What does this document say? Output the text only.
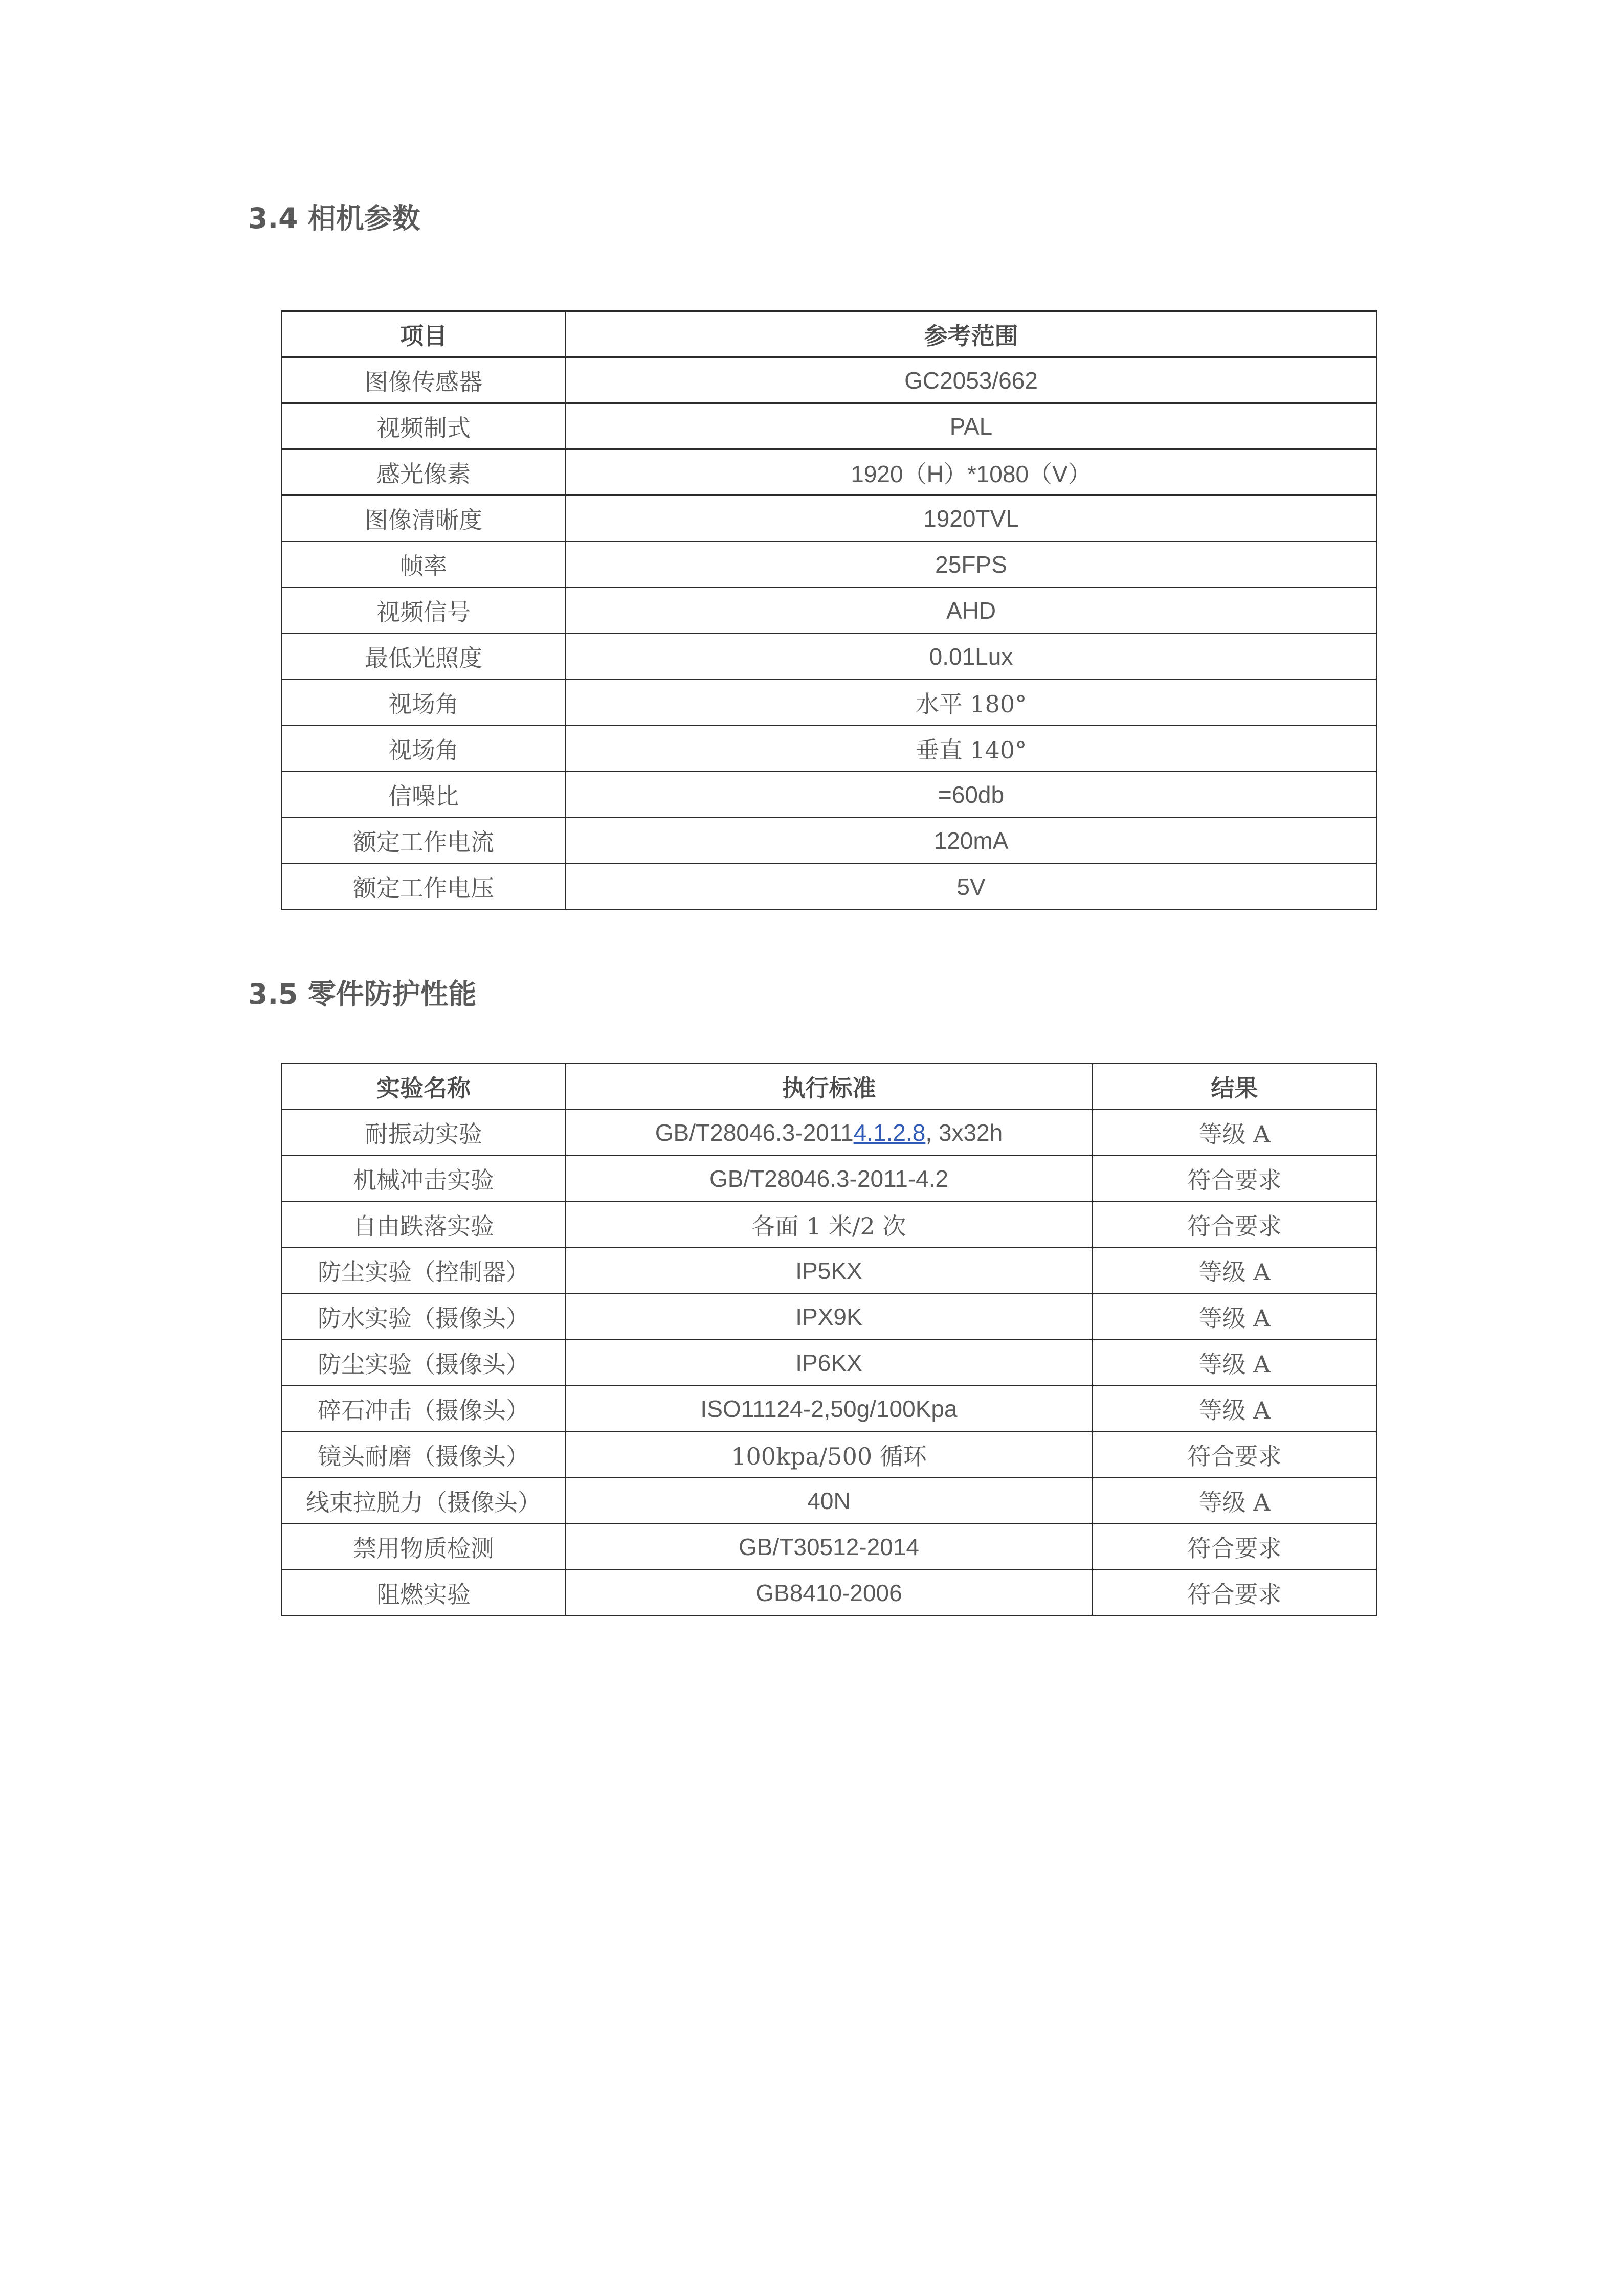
3.4 相机参数
项目	参考范围
图像传感器	GC2053/662
视频制式	PAL
感光像素	1920（H）*1080（V）
图像清晰度	1920TVL
帧率	25FPS
视频信号	AHD
最低光照度	0.01Lux
视场角	水平 180°
视场角	垂直 140°
信噪比	=60db
额定工作电流	120mA
额定工作电压	5V
3.5 零件防护性能
实验名称	执行标准	结果
耐振动实验	GB/T28046.3-20114.1.2.8, 3x32h	等级 A
机械冲击实验	GB/T28046.3-2011-4.2	符合要求
自由跌落实验	各面 1 米/2 次	符合要求
防尘实验（控制器）	IP5KX	等级 A
防水实验（摄像头）	IPX9K	等级 A
防尘实验（摄像头）	IP6KX	等级 A
碎石冲击（摄像头）	ISO11124-2,50g/100Kpa	等级 A
镜头耐磨（摄像头）	100kpa/500 循环	符合要求
线束拉脱力（摄像头）	40N	等级 A
禁用物质检测	GB/T30512-2014	符合要求
阻燃实验	GB8410-2006	符合要求
